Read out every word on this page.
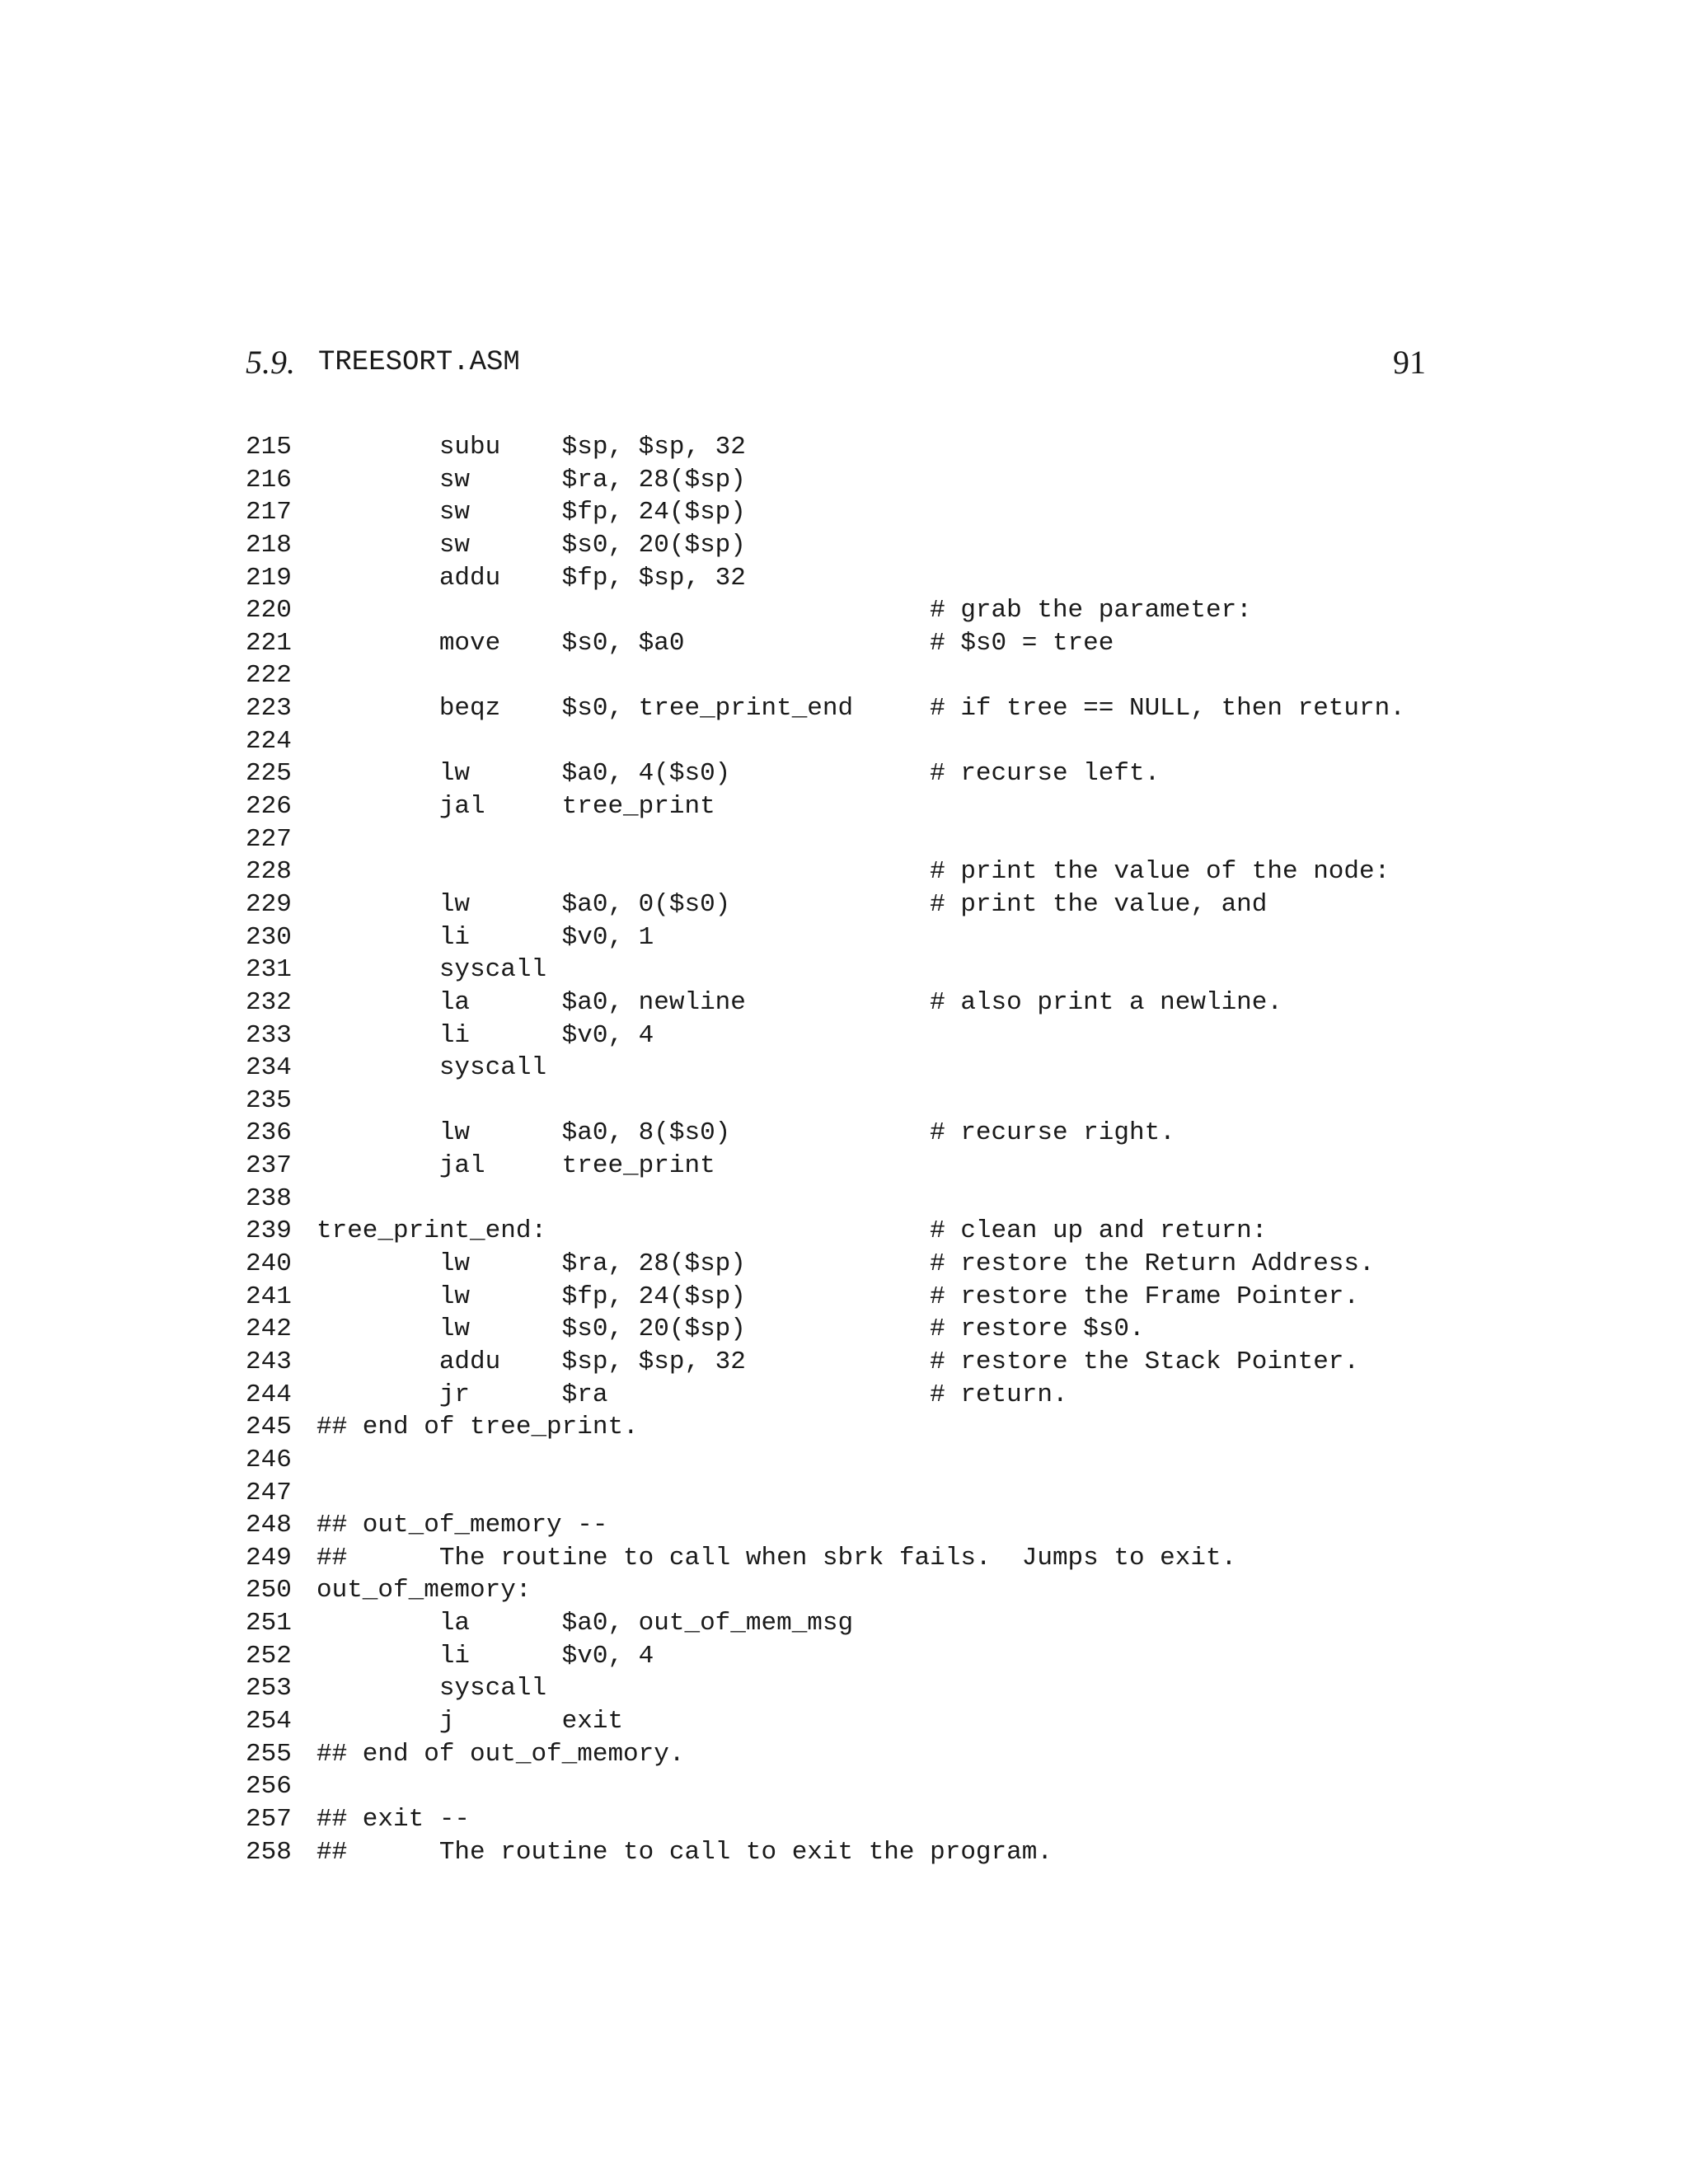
5.9. TREESORT.ASM	91
215 subu    $sp, $sp, 32
216 sw      $ra, 28($sp)
217 sw      $fp, 24($sp)
218 sw      $s0, 20($sp)
219 addu    $fp, $sp, 32
220 # grab the parameter:
221 move    $s0, $a0                # $s0 = tree
222
223 beqz    $s0, tree_print_end     # if tree == NULL, then return.
224
225 lw      $a0, 4($s0)             # recurse left.
226 jal     tree_print
227
228 # print the value of the node:
229 lw      $a0, 0($s0)             # print the value, and
230 li      $v0, 1
231 syscall
232 la      $a0, newline            # also print a newline.
233 li      $v0, 4
234 syscall
235
236 lw      $a0, 8($s0)             # recurse right.
237 jal     tree_print
238
239 tree_print_end:                         # clean up and return:
240 lw      $ra, 28($sp)            # restore the Return Address.
241 lw      $fp, 24($sp)            # restore the Frame Pointer.
242 lw      $s0, 20($sp)            # restore $s0.
243 addu    $sp, $sp, 32            # restore the Stack Pointer.
244 jr      $ra                     # return.
245 ## end of tree_print.
246
247
248 ## out_of_memory --
249 ##      The routine to call when sbrk fails.  Jumps to exit.
250 out_of_memory:
251 la      $a0, out_of_mem_msg
252 li      $v0, 4
253 syscall
254 j       exit
255 ## end of out_of_memory.
256
257 ## exit --
258 ##      The routine to call to exit the program.
